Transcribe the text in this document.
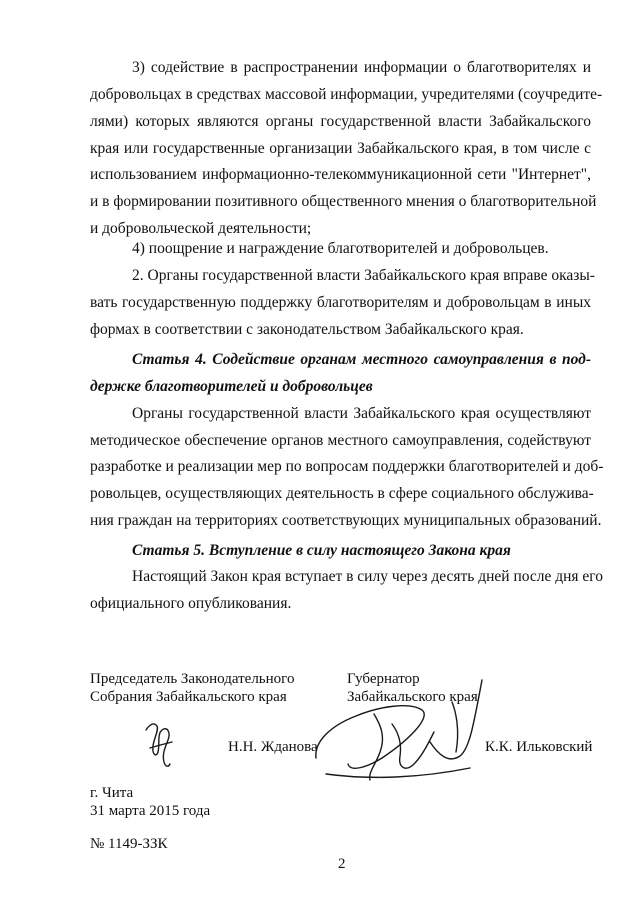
3) содействие в распространении информации о благотворителях и
добровольцах в средствах массовой информации, учредителями (соучредите-
лями) которых являются органы государственной власти Забайкальского
края или государственные организации Забайкальского края, в том числе с
использованием информационно-телекоммуникационной сети "Интернет",
и в формировании позитивного общественного мнения о благотворительной
и добровольческой деятельности;
4) поощрение и награждение благотворителей и добровольцев.
2. Органы государственной власти Забайкальского края вправе оказы-
вать государственную поддержку благотворителям и добровольцам в иных
формах в соответствии с законодательством Забайкальского края.
Статья 4. Содействие органам местного самоуправления в под-
держке благотворителей и добровольцев
Органы государственной власти Забайкальского края осуществляют
методическое обеспечение органов местного самоуправления, содействуют
разработке и реализации мер по вопросам поддержки благотворителей и доб-
ровольцев, осуществляющих деятельность в сфере социального обслужива-
ния граждан на территориях соответствующих муниципальных образований.
Статья 5. Вступление в силу настоящего Закона края
Настоящий Закон края вступает в силу через десять дней после дня его
официального опубликования.
Председатель Законодательного
Собрания Забайкальского края
Н.Н. Жданова
Губернатор
Забайкальского края
К.К. Ильковский
г. Чита
31 марта 2015 года
№ 1149-ЗЗК
2
